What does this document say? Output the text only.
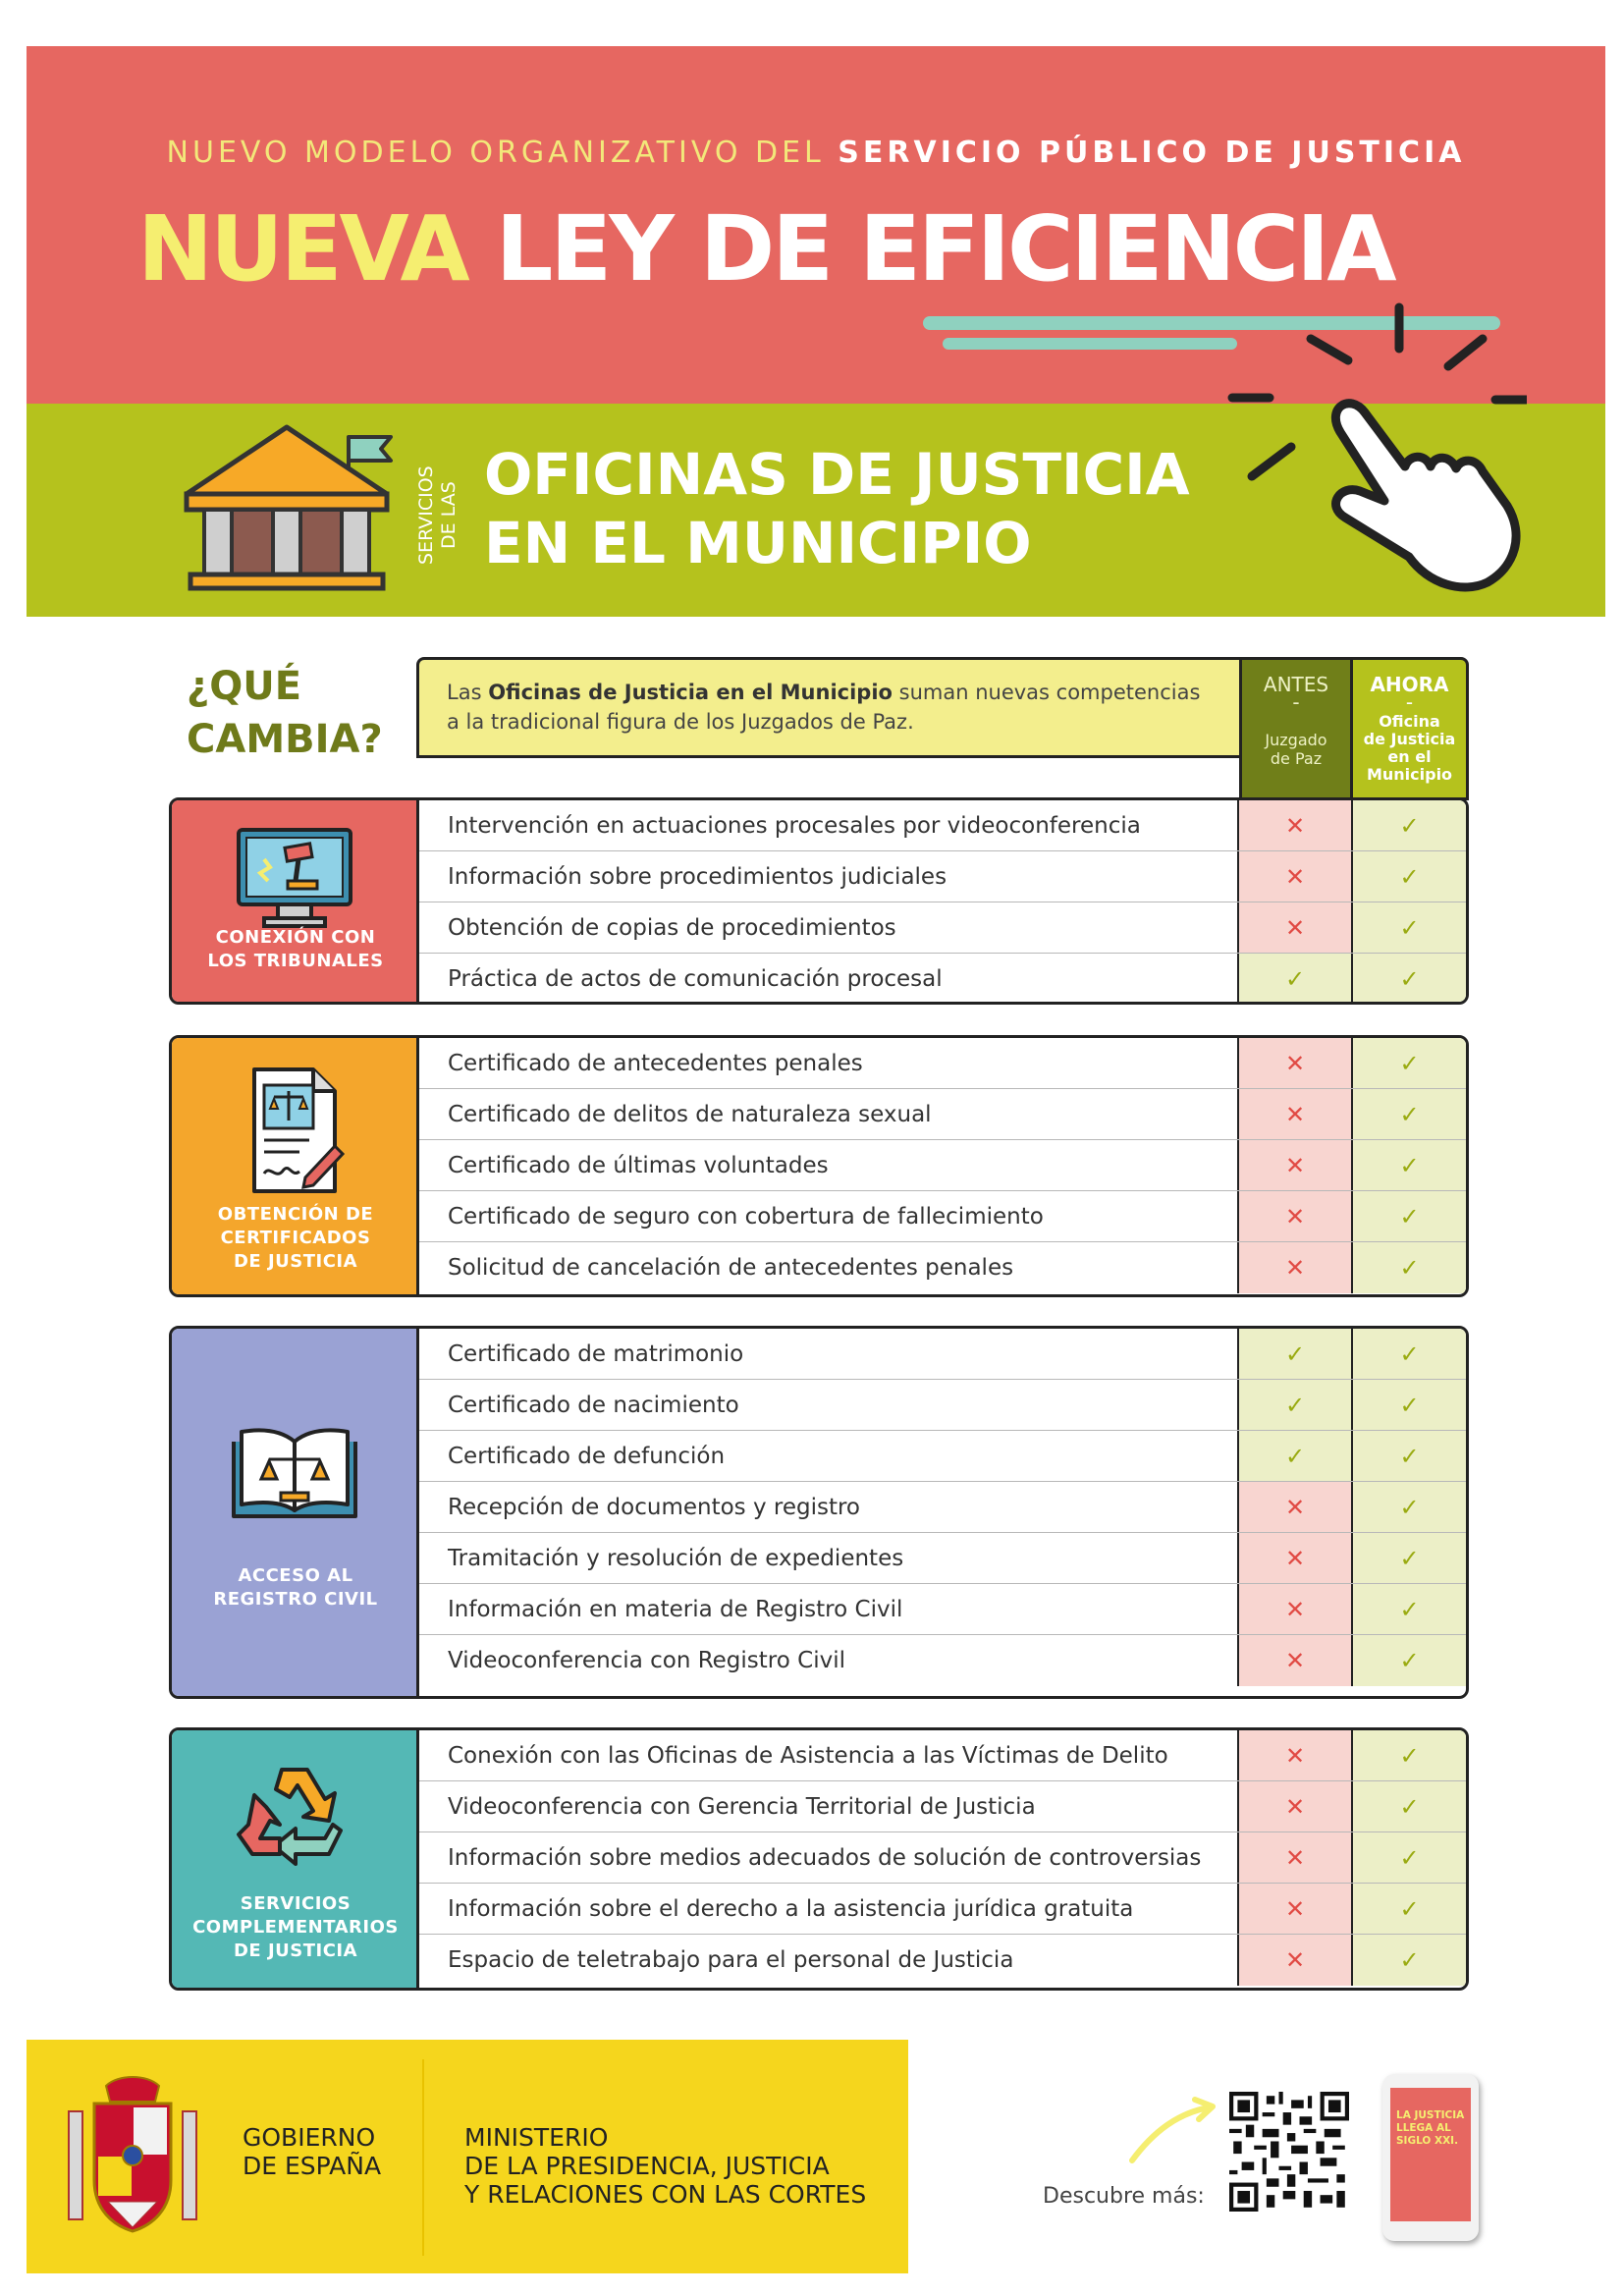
NUEVO MODELO ORGANIZATIVO DEL SERVICIO PÚBLICO DE JUSTICIA
NUEVA LEY DE EFICIENCIA
SERVICIOS DE LAS
OFICINAS DE JUSTICIA
EN EL MUNICIPIO
¿QUÉ
CAMBIA?
Las Oficinas de Justicia en el Municipio suman nuevas competencias a la tradicional figura de los Juzgados de Paz.
ANTES
-
Juzgado
de Paz
AHORA
-
Oficina
de Justicia
en el
Municipio
CONEXIÓN CON
LOS TRIBUNALES
Intervención en actuaciones procesales por videoconferencia	✕	✓
Información sobre procedimientos judiciales	✕	✓
Obtención de copias de procedimientos	✕	✓
Práctica de actos de comunicación procesal	✓	✓
OBTENCIÓN DE
CERTIFICADOS
DE JUSTICIA
Certificado de antecedentes penales	✕	✓
Certificado de delitos de naturaleza sexual	✕	✓
Certificado de últimas voluntades	✕	✓
Certificado de seguro con cobertura de fallecimiento	✕	✓
Solicitud de cancelación de antecedentes penales	✕	✓
ACCESO AL
REGISTRO CIVIL
Certificado de matrimonio	✓	✓
Certificado de nacimiento	✓	✓
Certificado de defunción	✓	✓
Recepción de documentos y registro	✕	✓
Tramitación y resolución de expedientes	✕	✓
Información en materia de Registro Civil	✕	✓
Videoconferencia con Registro Civil	✕	✓
SERVICIOS
COMPLEMENTARIOS
DE JUSTICIA
Conexión con las Oficinas de Asistencia a las Víctimas de Delito	✕	✓
Videoconferencia con Gerencia Territorial de Justicia	✕	✓
Información sobre medios adecuados de solución de controversias	✕	✓
Información sobre el derecho a la asistencia jurídica gratuita	✕	✓
Espacio de teletrabajo para el personal de Justicia	✕	✓
GOBIERNO
DE ESPAÑA
MINISTERIO
DE LA PRESIDENCIA, JUSTICIA
Y RELACIONES CON LAS CORTES	Descubre más:
LA JUSTICIA
LLEGA AL
SIGLO XXI.
